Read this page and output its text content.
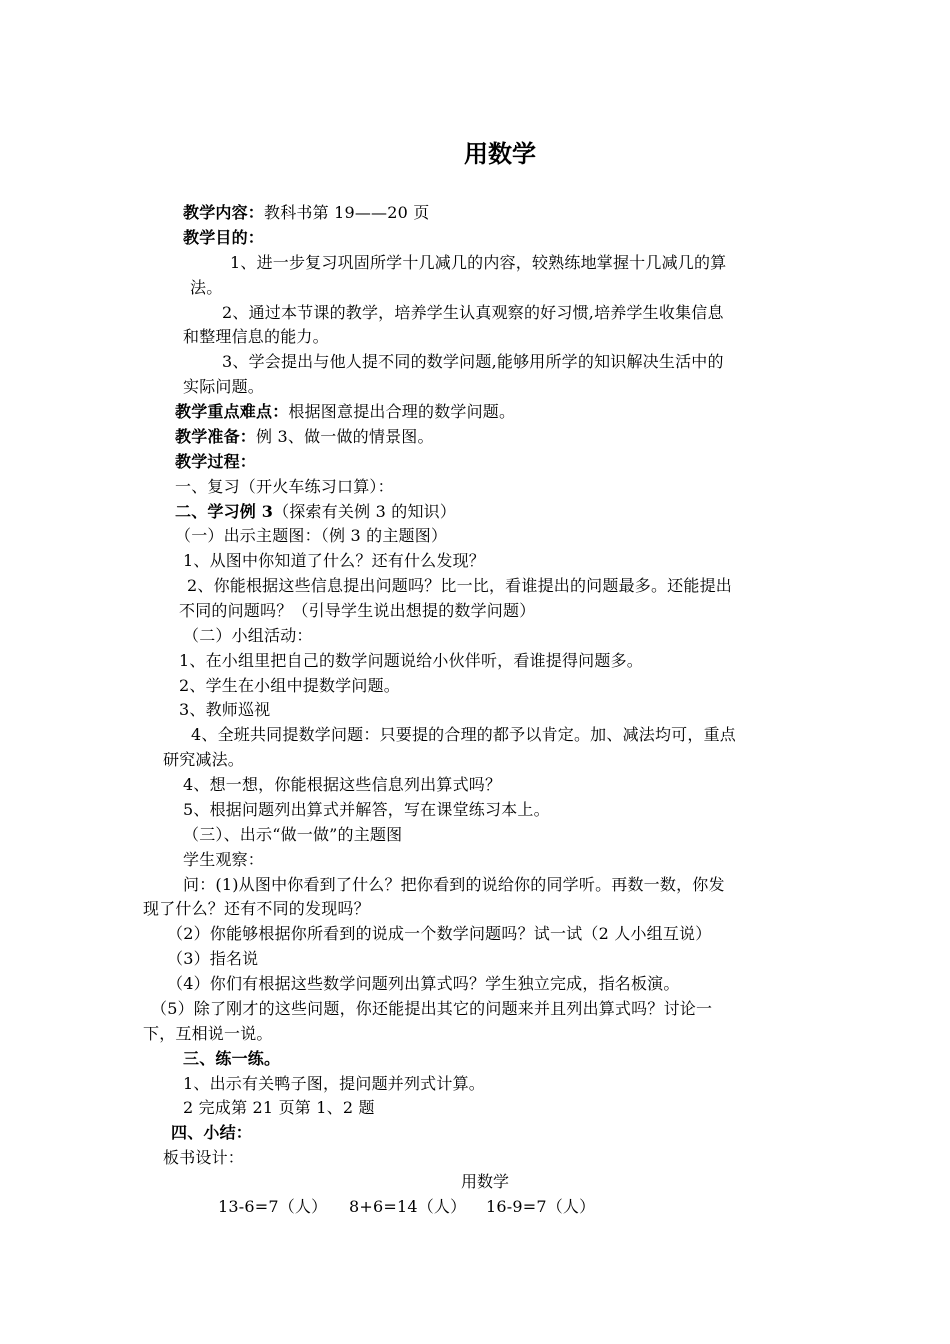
用数学
教学内容：教科书第 19——20 页
教学目的：
1、进一步复习巩固所学十几减几的内容，较熟练地掌握十几减几的算
法。
2、通过本节课的教学，培养学生认真观察的好习惯,培养学生收集信息
和整理信息的能力。
3、学会提出与他人提不同的数学问题,能够用所学的知识解决生活中的
实际问题。
教学重点难点：根据图意提出合理的数学问题。
教学准备：例 3、做一做的情景图。
教学过程：
一、复习（开火车练习口算）：
二、学习例 3（探索有关例 3 的知识）
（一）出示主题图：（例 3 的主题图）
1、从图中你知道了什么？还有什么发现？
2、你能根据这些信息提出问题吗？比一比，看谁提出的问题最多。还能提出
不同的问题吗？（引导学生说出想提的数学问题）
（二）小组活动：
1、在小组里把自己的数学问题说给小伙伴听，看谁提得问题多。
2、学生在小组中提数学问题。
3、教师巡视
4、全班共同提数学问题：只要提的合理的都予以肯定。加、减法均可，重点
研究减法。
4、想一想，你能根据这些信息列出算式吗？
5、根据问题列出算式并解答，写在课堂练习本上。
（三）、出示“做一做”的主题图
学生观察：
问：(1)从图中你看到了什么？把你看到的说给你的同学听。再数一数，你发
现了什么？还有不同的发现吗？
（2）你能够根据你所看到的说成一个数学问题吗？试一试（2 人小组互说）
（3）指名说
（4）你们有根据这些数学问题列出算式吗？学生独立完成，指名板演。
（5）除了刚才的这些问题，你还能提出其它的问题来并且列出算式吗？讨论一
下，互相说一说。
三、练一练。
1、出示有关鸭子图，提问题并列式计算。
2 完成第 21 页第 1、2 题
四、小结：
板书设计：
用数学
13-6=7（人） 8+6=14（人） 16-9=7（人）
